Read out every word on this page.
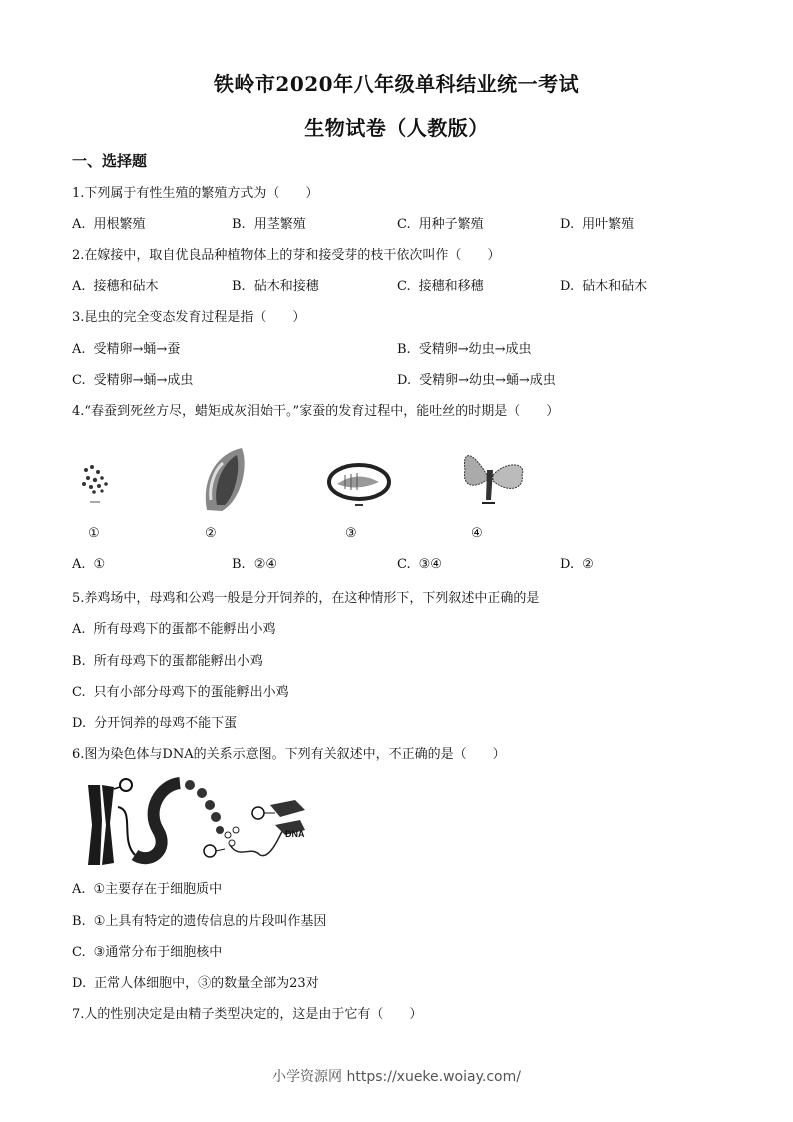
铁岭市2020年八年级单科结业统一考试
生物试卷（人教版）
一、选择题
1.下列属于有性生殖的繁殖方式为（　　）
A. 用根繁殖	B. 用茎繁殖	C. 用种子繁殖	D. 用叶繁殖
2.在嫁接中，取自优良品种植物体上的芽和接受芽的枝干依次叫作（　　）
A. 接穗和砧木	B. 砧木和接穗	C. 接穗和移穗	D. 砧木和砧木
3.昆虫的完全变态发育过程是指（　　）
A. 受精卵→蛹→蚕	B. 受精卵→幼虫→成虫
C. 受精卵→蛹→成虫	D. 受精卵→幼虫→蛹→成虫
4.“春蚕到死丝方尽，蜡矩成灰泪始干。”家蚕的发育过程中，能吐丝的时期是（　　）
①	②	③	④
A. ①	B. ②④	C. ③④	D. ②
5.养鸡场中，母鸡和公鸡一般是分开饲养的，在这种情形下，下列叙述中正确的是
A. 所有母鸡下的蛋都不能孵出小鸡
B. 所有母鸡下的蛋都能孵出小鸡
C. 只有小部分母鸡下的蛋能孵出小鸡
D. 分开饲养的母鸡不能下蛋
6.图为染色体与DNA的关系示意图。下列有关叙述中，不正确的是（　　）
DNA
A. ①主要存在于细胞质中
B. ①上具有特定的遗传信息的片段叫作基因
C. ③通常分布于细胞核中
D. 正常人体细胞中，③的数量全部为23对
7.人的性别决定是由精子类型决定的，这是由于它有（　　）
小学资源网 https://xueke.woiay.com/
